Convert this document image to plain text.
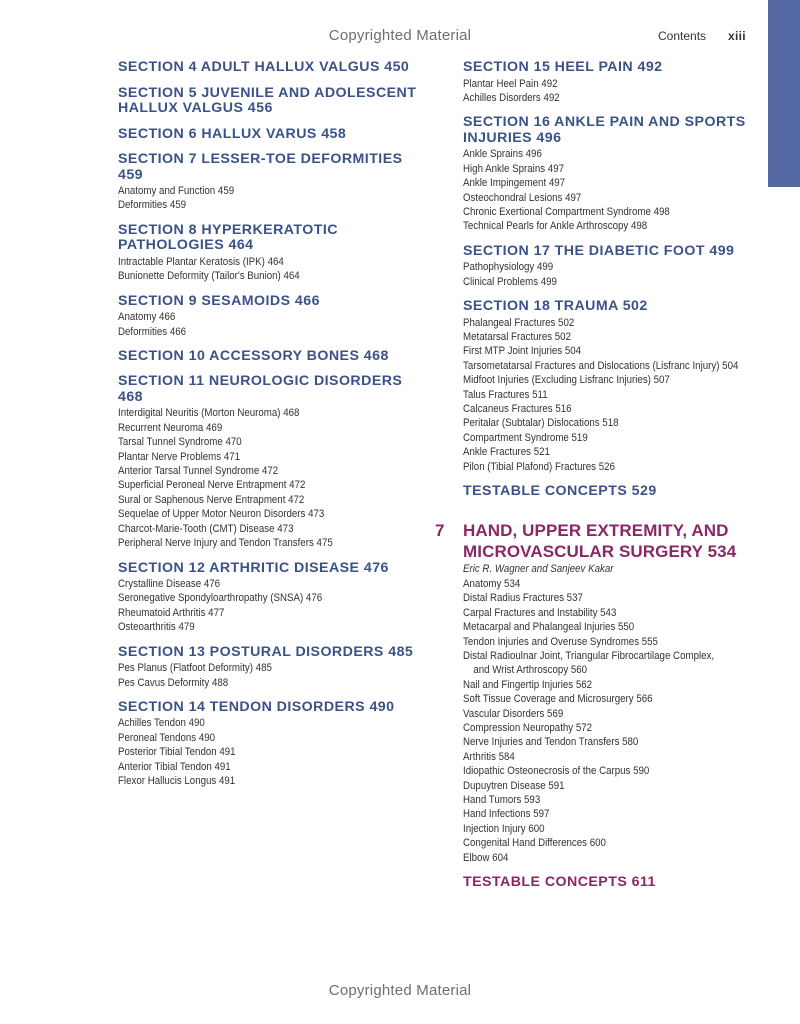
Copyrighted Material	Contents xiii
SECTION 4 ADULT HALLUX VALGUS 450
SECTION 5 JUVENILE AND ADOLESCENT HALLUX VALGUS 456
SECTION 6 HALLUX VARUS 458
SECTION 7 LESSER-TOE DEFORMITIES 459
Anatomy and Function 459
Deformities 459
SECTION 8 HYPERKERATOTIC PATHOLOGIES 464
Intractable Plantar Keratosis (IPK) 464
Bunionette Deformity (Tailor's Bunion) 464
SECTION 9 SESAMOIDS 466
Anatomy 466
Deformities 466
SECTION 10 ACCESSORY BONES 468
SECTION 11 NEUROLOGIC DISORDERS 468
Interdigital Neuritis (Morton Neuroma) 468
Recurrent Neuroma 469
Tarsal Tunnel Syndrome 470
Plantar Nerve Problems 471
Anterior Tarsal Tunnel Syndrome 472
Superficial Peroneal Nerve Entrapment 472
Sural or Saphenous Nerve Entrapment 472
Sequelae of Upper Motor Neuron Disorders 473
Charcot-Marie-Tooth (CMT) Disease 473
Peripheral Nerve Injury and Tendon Transfers 475
SECTION 12 ARTHRITIC DISEASE 476
Crystalline Disease 476
Seronegative Spondyloarthropathy (SNSA) 476
Rheumatoid Arthritis 477
Osteoarthritis 479
SECTION 13 POSTURAL DISORDERS 485
Pes Planus (Flatfoot Deformity) 485
Pes Cavus Deformity 488
SECTION 14 TENDON DISORDERS 490
Achilles Tendon 490
Peroneal Tendons 490
Posterior Tibial Tendon 491
Anterior Tibial Tendon 491
Flexor Hallucis Longus 491
SECTION 15 HEEL PAIN 492
Plantar Heel Pain 492
Achilles Disorders 492
SECTION 16 ANKLE PAIN AND SPORTS INJURIES 496
Ankle Sprains 496
High Ankle Sprains 497
Ankle Impingement 497
Osteochondral Lesions 497
Chronic Exertional Compartment Syndrome 498
Technical Pearls for Ankle Arthroscopy 498
SECTION 17 THE DIABETIC FOOT 499
Pathophysiology 499
Clinical Problems 499
SECTION 18 TRAUMA 502
Phalangeal Fractures 502
Metatarsal Fractures 502
First MTP Joint Injuries 504
Tarsometatarsal Fractures and Dislocations (Lisfranc Injury) 504
Midfoot Injuries (Excluding Lisfranc Injuries) 507
Talus Fractures 511
Calcaneus Fractures 516
Peritalar (Subtalar) Dislocations 518
Compartment Syndrome 519
Ankle Fractures 521
Pilon (Tibial Plafond) Fractures 526
TESTABLE CONCEPTS 529
7 HAND, UPPER EXTREMITY, AND MICROVASCULAR SURGERY 534
Eric R. Wagner and Sanjeev Kakar
Anatomy 534
Distal Radius Fractures 537
Carpal Fractures and Instability 543
Metacarpal and Phalangeal Injuries 550
Tendon Injuries and Overuse Syndromes 555
Distal Radioulnar Joint, Triangular Fibrocartilage Complex,
and Wrist Arthroscopy 560
Nail and Fingertip Injuries 562
Soft Tissue Coverage and Microsurgery 566
Vascular Disorders 569
Compression Neuropathy 572
Nerve Injuries and Tendon Transfers 580
Arthritis 584
Idiopathic Osteonecrosis of the Carpus 590
Dupuytren Disease 591
Hand Tumors 593
Hand Infections 597
Injection Injury 600
Congenital Hand Differences 600
Elbow 604
TESTABLE CONCEPTS 611
Copyrighted Material
